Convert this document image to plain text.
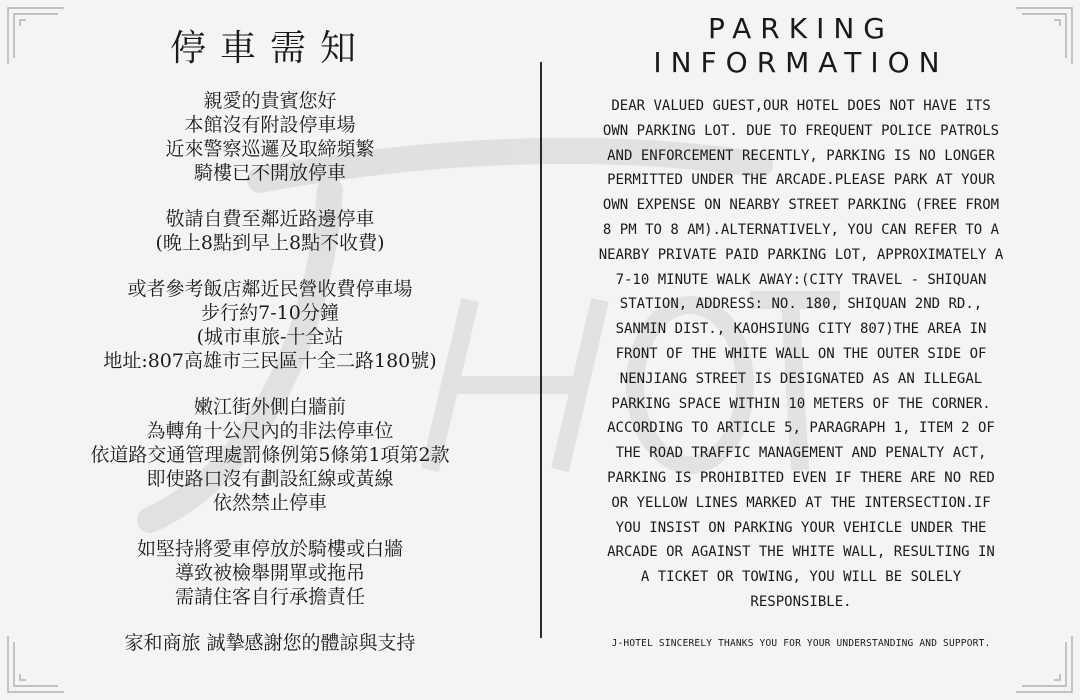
停車需知
親愛的貴賓您好
本館沒有附設停車場
近來警察巡邏及取締頻繁
騎樓已不開放停車
敬請自費至鄰近路邊停車
(晚上8點到早上8點不收費)
或者參考飯店鄰近民營收費停車場
步行約7-10分鐘
(城市車旅-十全站
地址:807高雄市三民區十全二路180號)
嫩江街外側白牆前
為轉角十公尺內的非法停車位
依道路交通管理處罰條例第5條第1項第2款
即使路口沒有劃設紅線或黃線
依然禁止停車
如堅持將愛車停放於騎樓或白牆
導致被檢舉開單或拖吊
需請住客自行承擔責任
家和商旅 誠摯感謝您的體諒與支持
PARKING
INFORMATION
DEAR VALUED GUEST,OUR HOTEL DOES NOT HAVE ITS
OWN PARKING LOT. DUE TO FREQUENT POLICE PATROLS
AND ENFORCEMENT RECENTLY, PARKING IS NO LONGER
PERMITTED UNDER THE ARCADE.PLEASE PARK AT YOUR
OWN EXPENSE ON NEARBY STREET PARKING (FREE FROM
8 PM TO 8 AM).ALTERNATIVELY, YOU CAN REFER TO A
NEARBY PRIVATE PAID PARKING LOT, APPROXIMATELY A
7-10 MINUTE WALK AWAY:(CITY TRAVEL - SHIQUAN
STATION, ADDRESS: NO. 180, SHIQUAN 2ND RD.,
SANMIN DIST., KAOHSIUNG CITY 807)THE AREA IN
FRONT OF THE WHITE WALL ON THE OUTER SIDE OF
NENJIANG STREET IS DESIGNATED AS AN ILLEGAL
PARKING SPACE WITHIN 10 METERS OF THE CORNER.
ACCORDING TO ARTICLE 5, PARAGRAPH 1, ITEM 2 OF
THE ROAD TRAFFIC MANAGEMENT AND PENALTY ACT,
PARKING IS PROHIBITED EVEN IF THERE ARE NO RED
OR YELLOW LINES MARKED AT THE INTERSECTION.IF
YOU INSIST ON PARKING YOUR VEHICLE UNDER THE
ARCADE OR AGAINST THE WHITE WALL, RESULTING IN
A TICKET OR TOWING, YOU WILL BE SOLELY
RESPONSIBLE.
J-HOTEL SINCERELY THANKS YOU FOR YOUR UNDERSTANDING AND SUPPORT.
